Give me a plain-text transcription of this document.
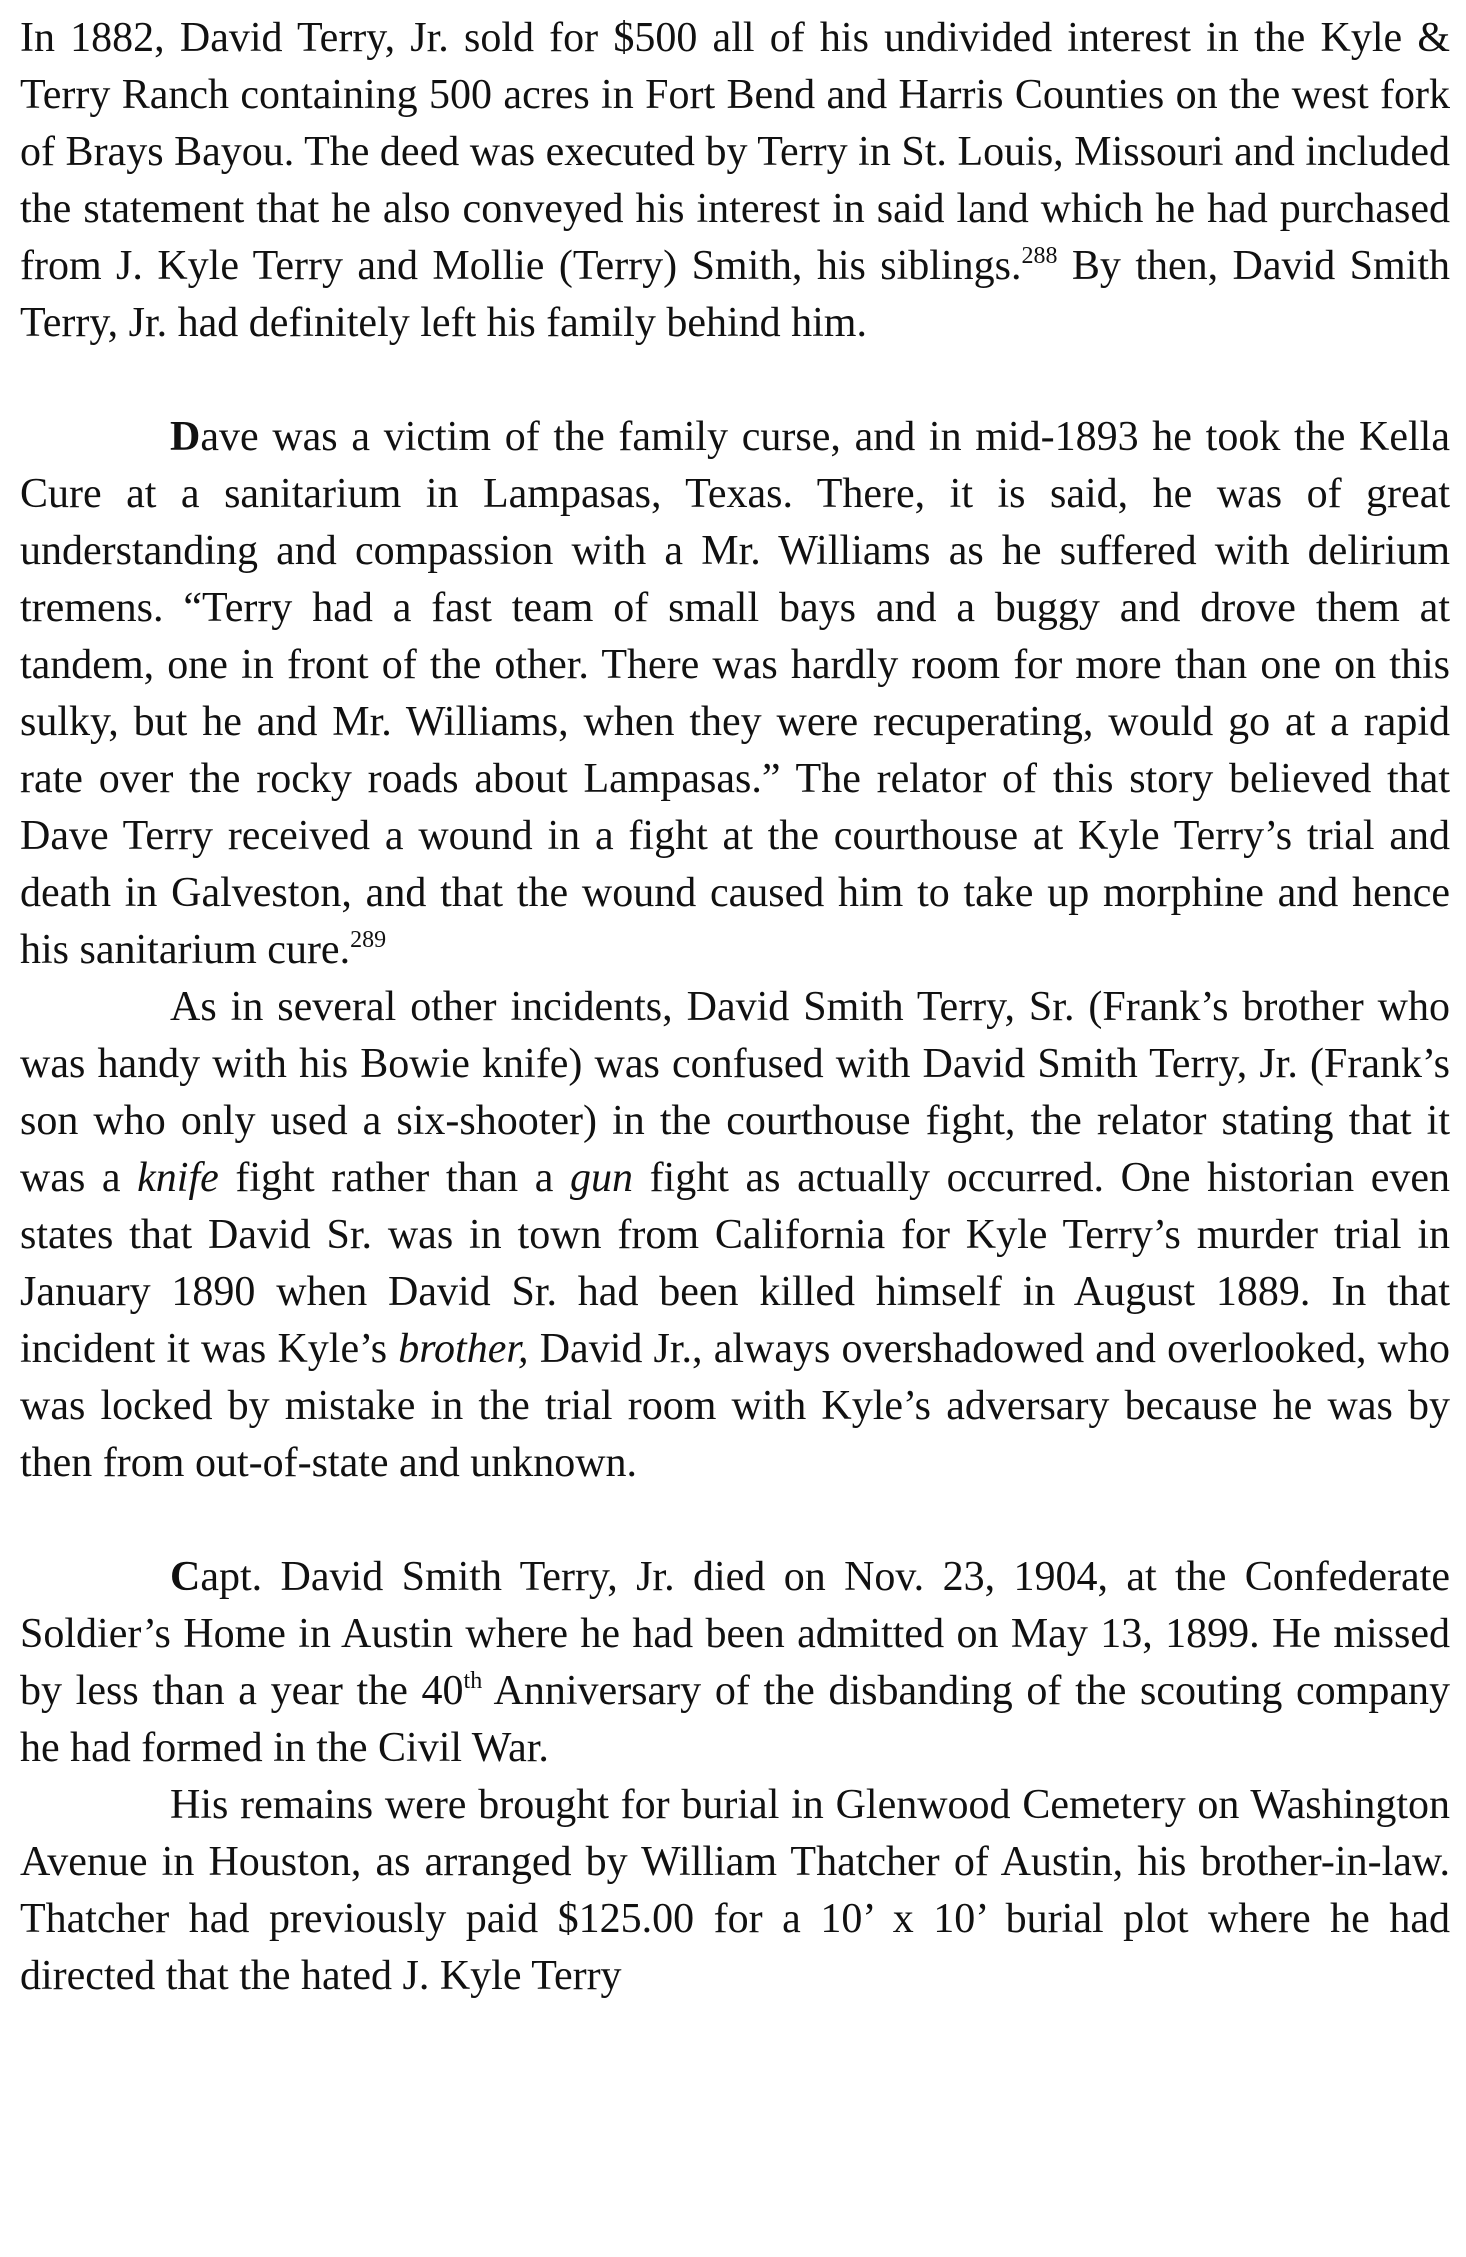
In 1882, David Terry, Jr. sold for $500 all of his undivided interest in the Kyle & Terry Ranch containing 500 acres in Fort Bend and Harris Counties on the west fork of Brays Bayou. The deed was executed by Terry in St. Louis, Missouri and included the statement that he also conveyed his interest in said land which he had purchased from J. Kyle Terry and Mollie (Terry) Smith, his siblings.$^{288}$ By then, David Smith Terry, Jr. had definitely left his family behind him.

Dave was a victim of the family curse, and in mid-1893 he took the Kella Cure at a sanitarium in Lampasas, Texas. There, it is said, he was of great understanding and compassion with a Mr. Williams as he suffered with delirium tremens. “Terry had a fast team of small bays and a buggy and drove them at tandem, one in front of the other. There was hardly room for more than one on this sulky, but he and Mr. Williams, when they were recuperating, would go at a rapid rate over the rocky roads about Lampasas.” The relator of this story believed that Dave Terry received a wound in a fight at the courthouse at Kyle Terry’s trial and death in Galveston, and that the wound caused him to take up morphine and hence his sanitarium cure.$^{289}$

As in several other incidents, David Smith Terry, Sr. (Frank’s brother who was handy with his Bowie knife) was confused with David Smith Terry, Jr. (Frank’s son who only used a six-shooter) in the courthouse fight, the relator stating that it was a knife fight rather than a gun fight as actually occurred. One historian even states that David Sr. was in town from California for Kyle Terry’s murder trial in January 1890 when David Sr. had been killed himself in August 1889. In that incident it was Kyle’s brother, David Jr., always overshadowed and overlooked, who was locked by mistake in the trial room with Kyle’s adversary because he was by then from out-of-state and unknown.

Capt. David Smith Terry, Jr. died on Nov. 23, 1904, at the Confederate Soldier’s Home in Austin where he had been admitted on May 13, 1899. He missed by less than a year the 40th Anniversary of the disbanding of the scouting company he had formed in the Civil War.

His remains were brought for burial in Glenwood Cemetery on Washington Avenue in Houston, as arranged by William Thatcher of Austin, his brother-in-law. Thatcher had previously paid $125.00 for a 10’ x 10’ burial plot where he had directed that the hated J. Kyle Terry
